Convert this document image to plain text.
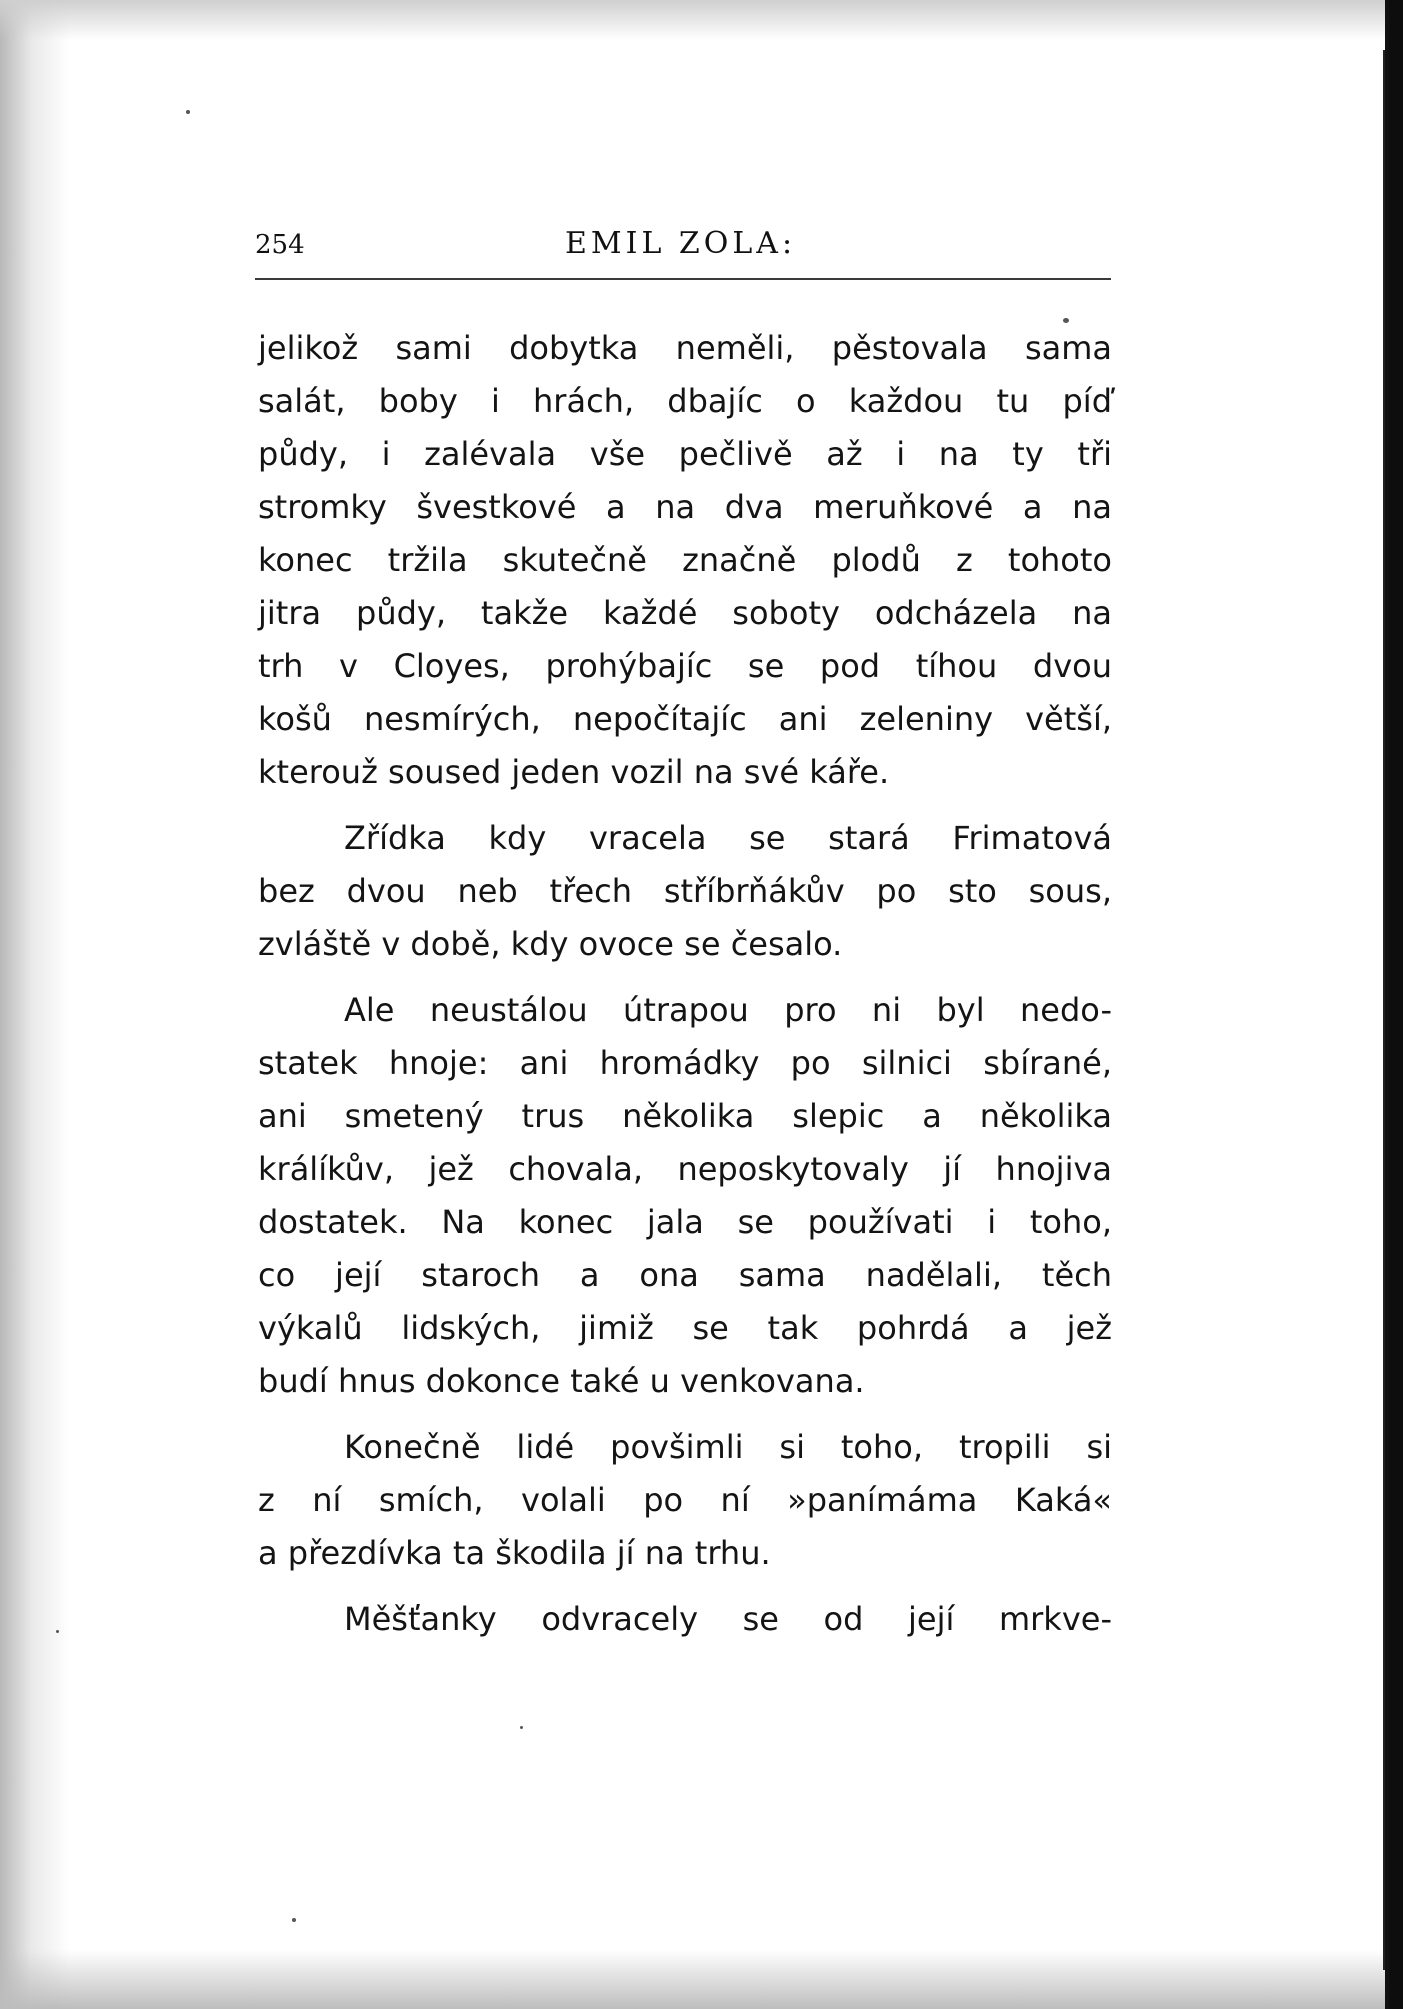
254	EMIL ZOLA:
jelikož sami dobytka neměli, pěstovala sama
salát, boby i hrách, dbajíc o každou tu píď
půdy, i zalévala vše pečlivě až i na ty tři
stromky švestkové a na dva meruňkové a na
konec tržila skutečně značně plodů z tohoto
jitra půdy, takže každé soboty odcházela na
trh v Cloyes, prohýbajíc se pod tíhou dvou
košů nesmírých, nepočítajíc ani zeleniny větší,
kterouž soused jeden vozil na své káře.
Zřídka kdy vracela se stará Frimatová
bez dvou neb třech stříbrňákův po sto sous,
zvláště v době, kdy ovoce se česalo.
Ale neustálou útrapou pro ni byl nedo-
statek hnoje: ani hromádky po silnici sbírané,
ani smetený trus několika slepic a několika
králíkův, jež chovala, neposkytovaly jí hnojiva
dostatek. Na konec jala se používati i toho,
co její staroch a ona sama nadělali, těch
výkalů lidských, jimiž se tak pohrdá a jež
budí hnus dokonce také u venkovana.
Konečně lidé povšimli si toho, tropili si
z ní smích, volali po ní »panímáma Kaká«
a přezdívka ta škodila jí na trhu.
Měšťanky odvracely se od její mrkve-
